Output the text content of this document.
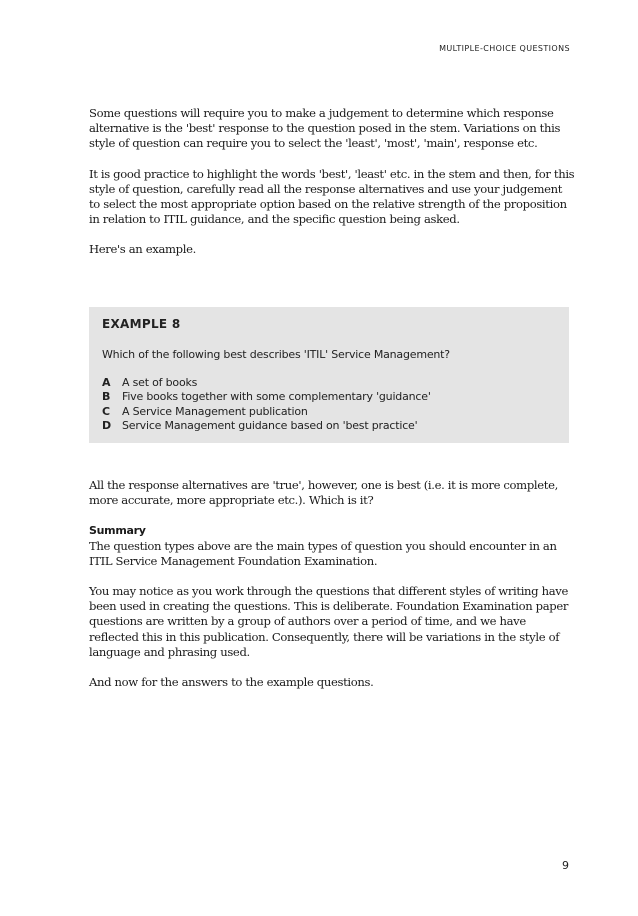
MULTIPLE-CHOICE QUESTIONS

Some questions will require you to make a judgement to determine which response alternative is the 'best' response to the question posed in the stem. Variations on this style of question can require you to select the 'least', 'most', 'main', response etc.

It is good practice to highlight the words 'best', 'least' etc. in the stem and then, for this style of question, carefully read all the response alternatives and use your judgement to select the most appropriate option based on the relative strength of the proposition in relation to ITIL guidance, and the specific question being asked.

Here's an example.

EXAMPLE 8
Which of the following best describes 'ITIL' Service Management?
A	A set of books
B	Five books together with some complementary 'guidance'
C	A Service Management publication
D	Service Management guidance based on 'best practice'

All the response alternatives are 'true', however, one is best (i.e. it is more complete, more accurate, more appropriate etc.). Which is it?

Summary
The question types above are the main types of question you should encounter in an ITIL Service Management Foundation Examination.

You may notice as you work through the questions that different styles of writing have been used in creating the questions. This is deliberate. Foundation Examination paper questions are written by a group of authors over a period of time, and we have reflected this in this publication. Consequently, there will be variations in the style of language and phrasing used.

And now for the answers to the example questions.

9
